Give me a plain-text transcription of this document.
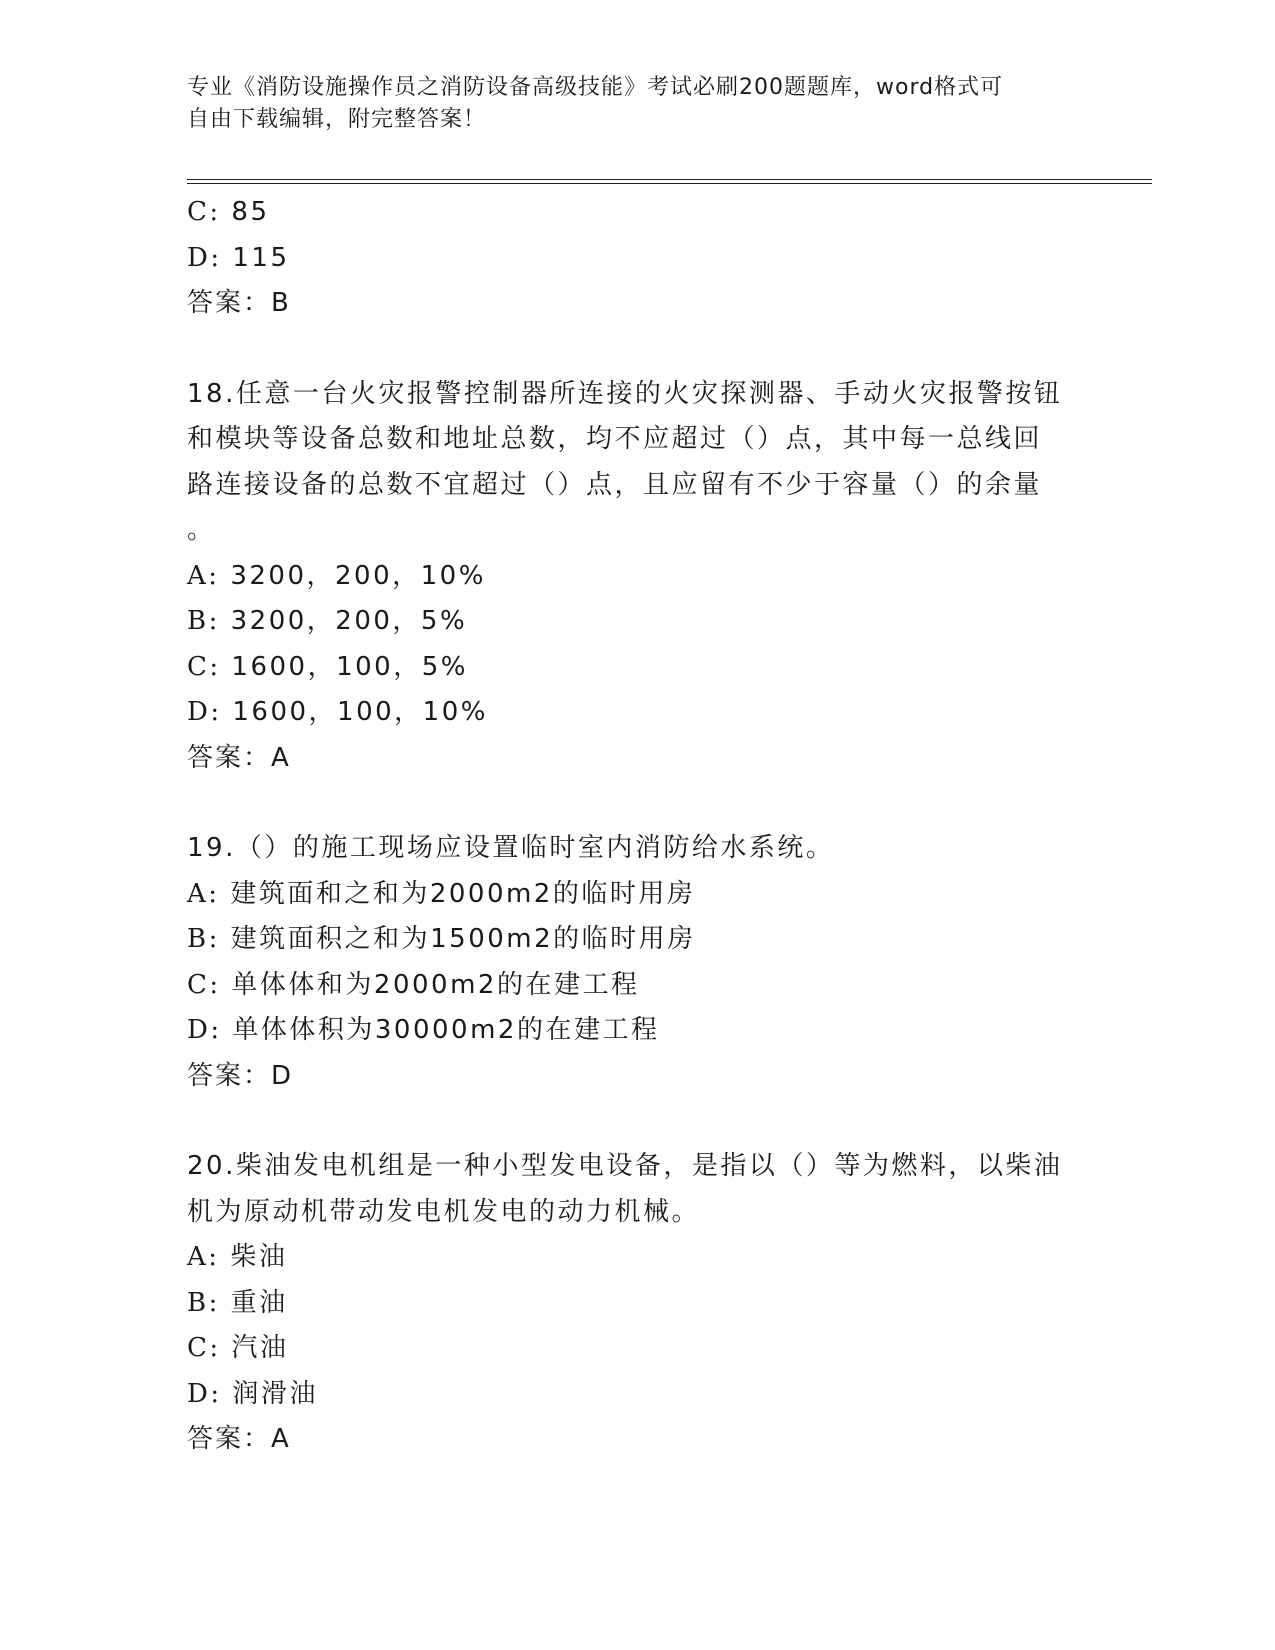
专业《消防设施操作员之消防设备高级技能》考试必刷200题题库，word格式可
自由下载编辑，附完整答案！
C: 85
D: 115
答案：B
18.任意一台火灾报警控制器所连接的火灾探测器、手动火灾报警按钮
和模块等设备总数和地址总数，均不应超过（）点，其中每一总线回
路连接设备的总数不宜超过（）点，且应留有不少于容量（）的余量
。
A: 3200，200，10%
B: 3200，200，5%
C: 1600，100，5%
D: 1600，100，10%
答案：A
19.（）的施工现场应设置临时室内消防给水系统。
A: 建筑面和之和为2000m2的临时用房
B: 建筑面积之和为1500m2的临时用房
C: 单体体和为2000m2的在建工程
D: 单体体积为30000m2的在建工程
答案：D
20.柴油发电机组是一种小型发电设备，是指以（）等为燃料，以柴油
机为原动机带动发电机发电的动力机械。
A: 柴油
B: 重油
C: 汽油
D: 润滑油
答案：A
